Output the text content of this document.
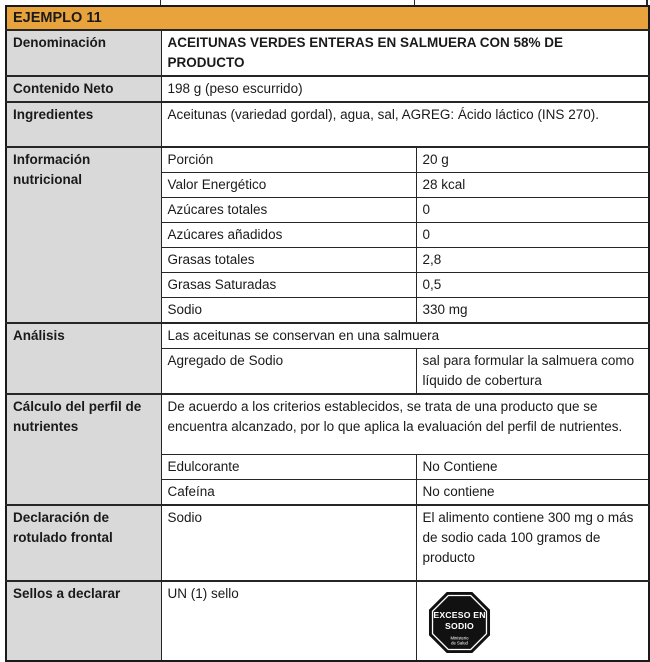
EJEMPLO 11		
Denominación	ACEITUNAS VERDES ENTERAS EN SALMUERA CON 58% DE PRODUCTO	
Contenido Neto	198 g (peso escurrido)	
Ingredientes	Aceitunas (variedad gordal), agua, sal, AGREG: Ácido láctico (INS 270).	
Información nutricional	Porción	20 g
	Valor Energético	28 kcal
	Azúcares totales	0
	Azúcares añadidos	0
	Grasas totales	2,8
	Grasas Saturadas	0,5
	Sodio	330 mg
Análisis	Las aceitunas se conservan en una salmuera	
	Agregado de Sodio	sal para formular la salmuera como líquido de cobertura
Cálculo del perfil de nutrientes	De acuerdo a los criterios establecidos, se trata de una producto que se encuentra alcanzado, por lo que aplica la evaluación del perfil de nutrientes.	
	Edulcorante	No Contiene
	Cafeína	No contiene
Declaración de rotulado frontal	Sodio	El alimento contiene 300 mg o más de sodio cada 100 gramos de producto
Sellos a declarar	UN (1) sello	EXCESO EN
SODIO
Ministerio
de Salud
